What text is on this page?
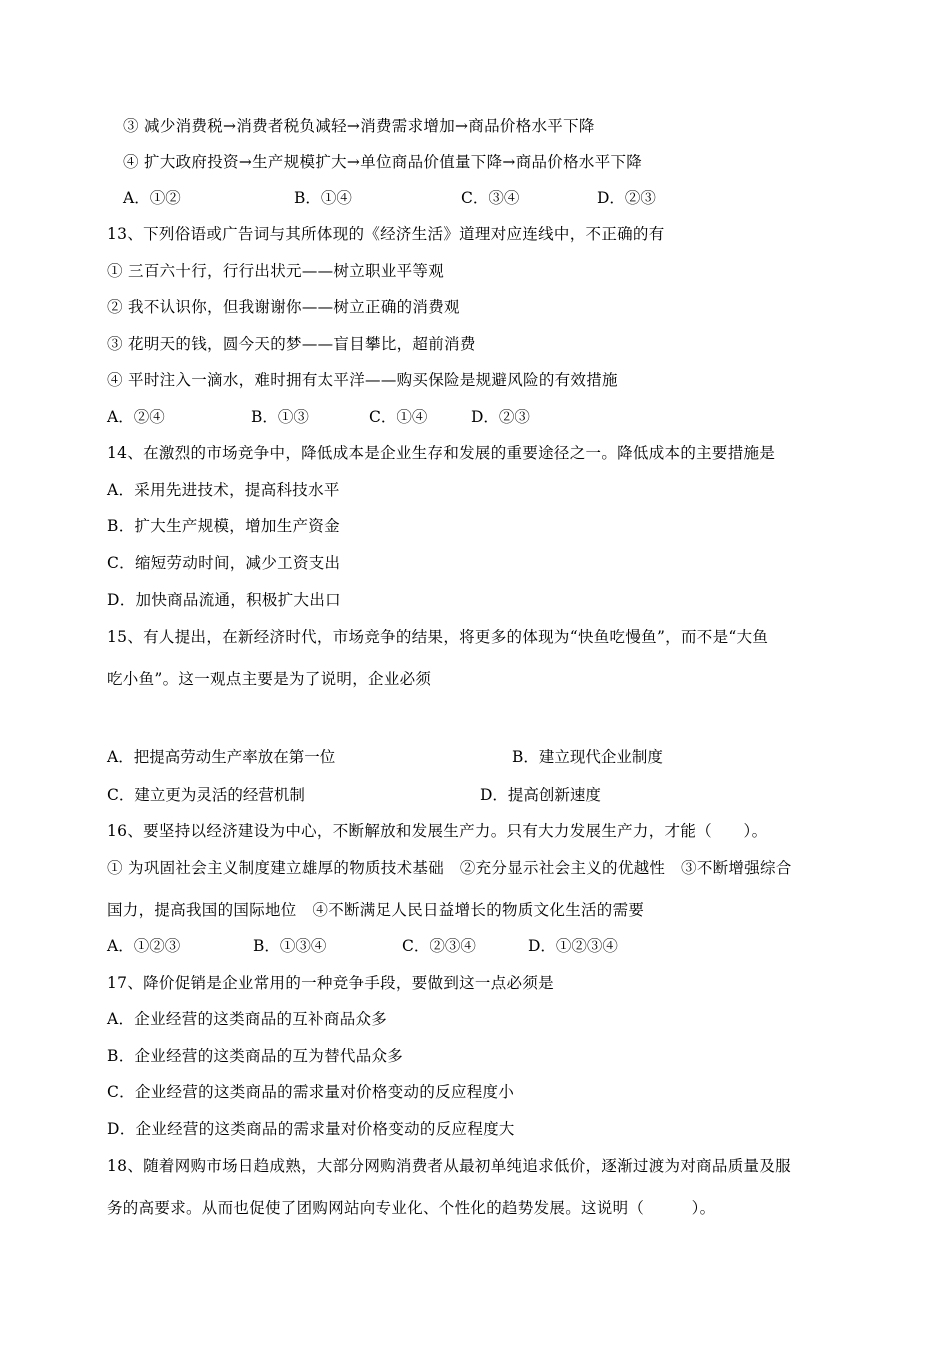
③ 减少消费税→消费者税负减轻→消费需求增加→商品价格水平下降
④ 扩大政府投资→生产规模扩大→单位商品价值量下降→商品价格水平下降
A．①②	B．①④	C．③④	D．②③
13、下列俗语或广告词与其所体现的《经济生活》道理对应连线中，不正确的有
① 三百六十行，行行出状元——树立职业平等观
② 我不认识你，但我谢谢你——树立正确的消费观
③ 花明天的钱，圆今天的梦——盲目攀比，超前消费
④ 平时注入一滴水，难时拥有太平洋——购买保险是规避风险的有效措施
A．②④	B．①③	C．①④	D．②③
14、在激烈的市场竞争中，降低成本是企业生存和发展的重要途径之一。降低成本的主要措施是
A．采用先进技术，提高科技水平
B．扩大生产规模，增加生产资金
C．缩短劳动时间，减少工资支出
D．加快商品流通，积极扩大出口
15、有人提出，在新经济时代，市场竞争的结果，将更多的体现为“快鱼吃慢鱼”，而不是“大鱼
吃小鱼”。这一观点主要是为了说明，企业必须
A．把提高劳动生产率放在第一位	B．建立现代企业制度
C．建立更为灵活的经营机制	D．提高创新速度
16、要坚持以经济建设为中心，不断解放和发展生产力。只有大力发展生产力，才能（　　）。
① 为巩固社会主义制度建立雄厚的物质技术基础　②充分显示社会主义的优越性　③不断增强综合
国力，提高我国的国际地位　④不断满足人民日益增长的物质文化生活的需要
A．①②③	B．①③④	C．②③④	D．①②③④
17、降价促销是企业常用的一种竞争手段，要做到这一点必须是
A．企业经营的这类商品的互补商品众多
B．企业经营的这类商品的互为替代品众多
C．企业经营的这类商品的需求量对价格变动的反应程度小
D．企业经营的这类商品的需求量对价格变动的反应程度大
18、随着网购市场日趋成熟，大部分网购消费者从最初单纯追求低价，逐渐过渡为对商品质量及服
务的高要求。从而也促使了团购网站向专业化、个性化的趋势发展。这说明（　　　）。
